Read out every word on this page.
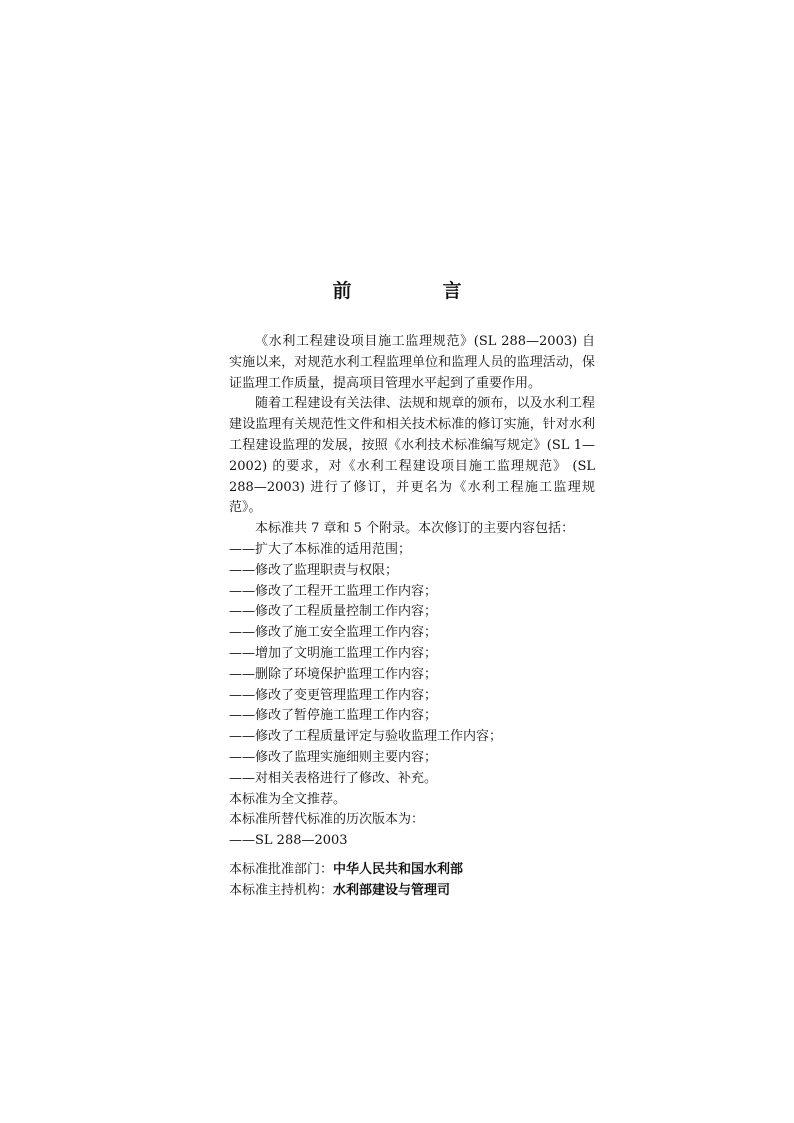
前　言

《水利工程建设项目施工监理规范》(SL 288—2003) 自实施以来，对规范水利工程监理单位和监理人员的监理活动，保证监理工作质量，提高项目管理水平起到了重要作用。

随着工程建设有关法律、法规和规章的颁布，以及水利工程建设监理有关规范性文件和相关技术标准的修订实施，针对水利工程建设监理的发展，按照《水利技术标准编写规定》(SL 1—2002) 的要求，对《水利工程建设项目施工监理规范》 (SL 288—2003) 进行了修订，并更名为《水利工程施工监理规范》。

本标准共 7 章和 5 个附录。本次修订的主要内容包括：

——扩大了本标准的适用范围；

——修改了监理职责与权限；

——修改了工程开工监理工作内容；

——修改了工程质量控制工作内容；

——修改了施工安全监理工作内容；

——增加了文明施工监理工作内容；

——删除了环境保护监理工作内容；

——修改了变更管理监理工作内容；

——修改了暂停施工监理工作内容；

——修改了工程质量评定与验收监理工作内容；

——修改了监理实施细则主要内容；

——对相关表格进行了修改、补充。

本标准为全文推荐。

本标准所替代标准的历次版本为：

——SL 288—2003

本标准批准部门：中华人民共和国水利部

本标准主持机构：水利部建设与管理司
